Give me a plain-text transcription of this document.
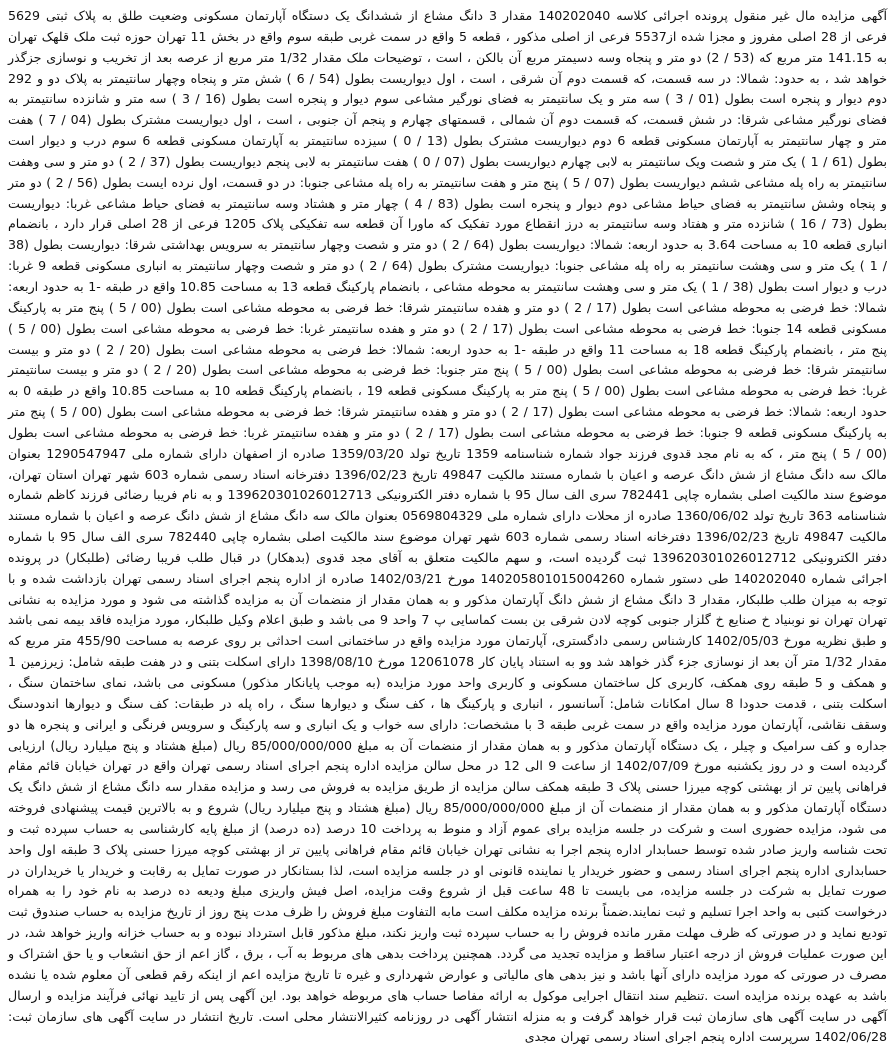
آگهی مزایده مال غیر منقول پرونده اجرائی کلاسه 140202040 مقدار 3 دانگ مشاع از ششدانگ یک دستگاه آپارتمان مسکونی وضعیت طلق به پلاک ثبتی 5629 فرعی از 28 اصلی مفروز و مجزا شده از5537 فرعی از اصلی مذکور ، قطعه 5 واقع در سمت غربی طبقه سوم واقع در بخش 11 تهران حوزه ثبت ملک قلهک تهران به 141.15 متر مربع که (53 / 2) دو متر و پنجاه وسه دسیمتر مربع آن بالکن ، است ، توضیحات ملک مقدار 1/32 متر مربع از عرصه بعد از تخریب و نوسازی جزگذر خواهد شد ، به حدود: شمالا: در سه قسمت، که قسمت دوم آن شرقی ، است ، اول دیواریست بطول (54 / 6 ) شش متر و پنجاه وچهار سانتیمتر به پلاک دو و 292 دوم دیوار و پنجره است بطول (01 / 3 ) سه متر و یک سانتیمتر به فضای نورگیر مشاعی سوم دیوار و پنجره است بطول (16 / 3 ) سه متر و شانزده سانتیمتر به فضای نورگیر مشاعی شرقا: در شش قسمت، که قسمت دوم آن شمالی ، قسمتهای چهارم و پنجم آن جنوبی ، است ، اول دیواریست مشترک بطول (04 / 7 ) هفت متر و چهار سانتیمتر به آپارتمان مسکونی قطعه 6 دوم دیواریست مشترک بطول (13 / 0 ) سیزده سانتیمتر به آپارتمان مسکونی قطعه 6 سوم درب و دیوار است بطول (61 / 1 ) یک متر و شصت ویک سانتیمتر به لابی چهارم دیواریست بطول (07 / 0 ) هفت سانتیمتر به لابی پنجم دیواریست بطول (37 / 2 ) دو متر و سی وهفت سانتیمتر به راه پله مشاعی ششم دیواریست بطول (07 / 5 ) پنج متر و هفت سانتیمتر به راه پله مشاعی جنوبا: در دو قسمت، اول نرده ایست بطول (56 / 2 ) دو متر و پنجاه وشش سانتیمتر به فضای حیاط مشاعی دوم دیوار و پنجره است بطول (83 / 4 ) چهار متر و هشتاد وسه سانتیمتر به فضای حیاط مشاعی غربا: دیواریست بطول (73 / 16 ) شانزده متر و هفتاد وسه سانتیمتر به درز انقطاع مورد تفکیک که ماورا آن قطعه سه تفکیکی پلاک 1205 فرعی از 28 اصلی قرار دارد ، بانضمام انباری قطعه 10 به مساحت 3.64 به حدود اربعه: شمالا: دیواریست بطول (64 / 2 ) دو متر و شصت وچهار سانتیمتر به سرویس بهداشتی شرقا: دیواریست بطول (38 / 1 ) یک متر و سی وهشت سانتیمتر به راه پله مشاعی جنوبا: دیواریست مشترک بطول (64 / 2 ) دو متر و شصت وچهار سانتیمتر به انباری مسکونی قطعه 9 غربا: درب و دیوار است بطول (38 / 1 ) یک متر و سی وهشت سانتیمتر به محوطه مشاعی ، بانضمام پارکینگ قطعه 13 به مساحت 10.85 واقع در طبقه -1 به حدود اربعه: شمالا: خط فرضی به محوطه مشاعی است بطول (17 / 2 ) دو متر و هفده سانتیمتر شرقا: خط فرضی به محوطه مشاعی است بطول (00 / 5 ) پنج متر به پارکینگ مسکونی قطعه 14 جنوبا: خط فرضی به محوطه مشاعی است بطول (17 / 2 ) دو متر و هفده سانتیمتر غربا: خط فرضی به محوطه مشاعی است بطول (00 / 5 ) پنج متر ، بانضمام پارکینگ قطعه 18 به مساحت 11 واقع در طبقه -1 به حدود اربعه: شمالا: خط فرضی به محوطه مشاعی است بطول (20 / 2 ) دو متر و بیست سانتیمتر شرقا: خط فرضی به محوطه مشاعی است بطول (00 / 5 ) پنج متر جنوبا: خط فرضی به محوطه مشاعی است بطول (20 / 2 ) دو متر و بیست سانتیمتر غربا: خط فرضی به محوطه مشاعی است بطول (00 / 5 ) پنج متر به پارکینگ مسکونی قطعه 19 ، بانضمام پارکینگ قطعه 10 به مساحت 10.85 واقع در طبقه 0 به حدود اربعه: شمالا: خط فرضی به محوطه مشاعی است بطول (17 / 2 ) دو متر و هفده سانتیمتر شرقا: خط فرضی به محوطه مشاعی است بطول (00 / 5 ) پنج متر به پارکینگ مسکونی قطعه 9 جنوبا: خط فرضی به محوطه مشاعی است بطول (17 / 2 ) دو متر و هفده سانتیمتر غربا: خط فرضی به محوطه مشاعی است بطول (00 / 5 ) پنج متر ، که به نام مجد قدوی فرزند جواد شماره شناسنامه 1359 تاریخ تولد 1359/03/20 صادره از اصفهان دارای شماره ملی 1290547947 بعنوان مالک سه دانگ مشاع از شش دانگ عرصه و اعیان با شماره مستند مالکیت 49847 تاریخ 1396/02/23 دفترخانه اسناد رسمی شماره 603 شهر تهران استان تهران، موضوع سند مالکیت اصلی بشماره چاپی 782441 سری الف سال 95 با شماره دفتر الکترونیکی 139620301026012713 و به نام فریبا رضائی فرزند کاظم شماره شناسنامه 363 تاریخ تولد 1360/06/02 صادره از محلات دارای شماره ملی 0569804329 بعنوان مالک سه دانگ مشاع از شش دانگ عرصه و اعیان با شماره مستند مالکیت 49847 تاریخ 1396/02/23 دفترخانه اسناد رسمی شماره 603 شهر تهران موضوع سند مالکیت اصلی بشماره چاپی 782440 سری الف سال 95 با شماره دفتر الکترونیکی 139620301026012712 ثبت گردیده است، و سهم مالکیت متعلق به آقای مجد قدوی (بدهکار) در قبال طلب فریبا رضائی (طلبکار) در پرونده اجرائی شماره 140202040 طی دستور شماره 140205801015004260 مورخ 1402/03/21 صادره از اداره پنجم اجرای اسناد رسمی تهران بازداشت شده و با توجه به میزان طلب طلبکار، مقدار 3 دانگ مشاع از شش دانگ آپارتمان مذکور و به همان مقدار از منضمات آن به مزایده گذاشته می شود و مورد مزایده به نشانی تهران تهران نو نوبنیاد خ صنایع خ گلزار جنوبی کوچه لادن شرقی بن بست کماسایی پ 7 واحد 9 می باشد و طبق اعلام وکیل طلبکار، مورد مزایده فاقد بیمه نمی باشد و طبق نظریه مورخ 1402/05/03 کارشناس رسمی دادگستری، آپارتمان مورد مزایده واقع در ساختمانی است احداثی بر روی عرصه به مساحت 455/90 متر مربع که مقدار 1/32 متر آن بعد از نوسازی جزء گذر خواهد شد وو به استناد پایان کار 12061078 مورخ 1398/08/10 دارای اسکلت بتنی و در هفت طبقه شامل: زیرزمین 1 و همکف و 5 طبقه روی همکف، کاربری کل ساختمان مسکونی و کاربری واحد مورد مزایده (به موجب پایانکار مذکور) مسکونی می باشد، نمای ساختمان سنگ ، اسکلت بتنی ، قدمت حدودا 8 سال امکانات شامل: آسانسور ، انباری و پارکینگ ها ، کف سنگ و دیوارها سنگ ، راه پله در طبقات: کف سنگ و دیوارها اندودسنگ وسقف نقاشی، آپارتمان مورد مزایده واقع در سمت غربی طبقه 3 با مشخصات: دارای سه خواب و یک انباری و سه پارکینگ و سرویس فرنگی و ایرانی و پنجره ها دو جداره و کف سرامیک و چیلر ، یک دستگاه آپارتمان مذکور و به همان مقدار از منضمات آن به مبلغ 85/000/000/000 ریال (مبلغ هشتاد و پنج میلیارد ریال) ارزیابی گردیده است و در روز یکشنبه مورخ 1402/07/09 از ساعت 9 الی 12 در محل سالن مزایده اداره پنجم اجرای اسناد رسمی تهران واقع در تهران خیابان قائم مقام فراهانی پایین تر از بهشتی کوچه میرزا حسنی پلاک 3 طبقه همکف سالن مزایده از طریق مزایده به فروش می رسد و مزایده مقدار سه دانگ مشاع از شش دانگ یک دستگاه آپارتمان مذکور و به همان مقدار از منضمات آن از مبلغ 85/000/000/000 ریال (مبلغ هشتاد و پنج میلیارد ریال) شروع و به بالاترین قیمت پیشنهادی فروخته می شود، مزایده حضوری است و شرکت در جلسه مزایده برای عموم آزاد و منوط به پرداخت 10 درصد (ده درصد) از مبلغ پایه کارشناسی به حساب سپرده ثبت و تحت شناسه واریز صادر شده توسط حسابدار اداره پنجم اجرا به نشانی تهران خیابان قائم مقام فراهانی پایین تر از بهشتی کوچه میرزا حسنی پلاک 3 طبقه اول واحد حسابداری اداره پنجم اجرای اسناد رسمی و حضور خریدار یا نماینده قانونی او در جلسه مزایده است، لذا بستانکار در صورت تمایل به رقابت و خریدار یا خریداران در صورت تمایل به شرکت در جلسه مزایده، می بایست تا 48 ساعت قبل از شروع وقت مزایده، اصل فیش واریزی مبلغ ودیعه ده درصد به نام خود را به همراه درخواست کتبی به واحد اجرا تسلیم و ثبت نمایند.ضمناً برنده مزایده مکلف است مابه التفاوت مبلغ فروش را ظرف مدت پنج روز از تاریخ مزایده به حساب صندوق ثبت تودیع نماید و در صورتی که ظرف مهلت مقرر مانده فروش را به حساب سپرده ثبت واریز نکند، مبلغ مذکور قابل استرداد نبوده و به حساب خزانه واریز خواهد شد، در این صورت عملیات فروش از درجه اعتبار ساقط و مزایده تجدید می گردد. همچنین پرداخت بدهی های مربوط به آب ، برق ، گاز اعم از حق انشعاب و یا حق اشتراک و مصرف در صورتی که مورد مزایده دارای آنها باشد و نیز بدهی های مالیاتی و عوارض شهرداری و غیره تا تاریخ مزایده اعم از اینکه رقم قطعی آن معلوم شده یا نشده باشد به عهده برنده مزایده است .تنظیم سند انتقال اجرایی موکول به ارائه مفاصا حساب های مربوطه خواهد بود. این آگهی پس از تایید نهائی فرآیند مزایده و ارسال آگهی در سایت آگهی های سازمان ثبت قرار خواهد گرفت و به منزله انتشار آگهی در روزنامه کثیرالانتشار محلی است. تاریخ انتشار در سایت آگهی های سازمان ثبت: 1402/06/28 سرپرست اداره پنجم اجرای اسناد رسمی تهران مجدی
